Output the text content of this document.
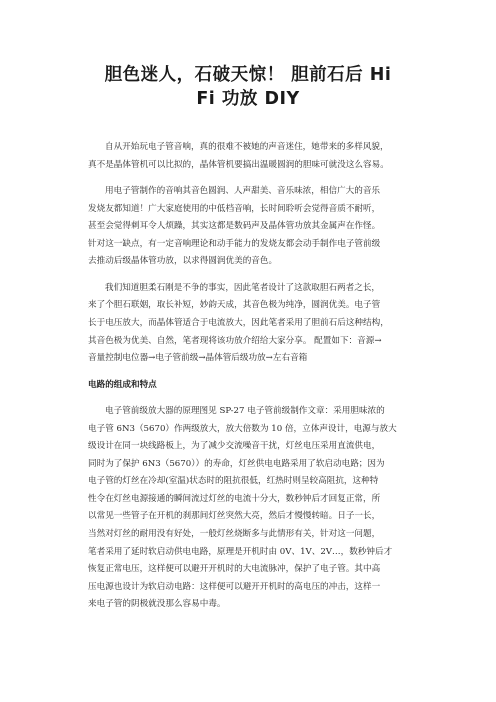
胆色迷人，石破天惊！ 胆前石后 Hi
Fi 功放 DIY

自从开始玩电子管音响，真的很难不被她的声音迷住，她带来的多样风貌，
真不是晶体管机可以比拟的，晶体管机要搞出温暖圆润的胆味可就没这么容易。

用电子管制作的音响其音色圆润、人声甜美、音乐味浓，相信广大的音乐
发烧友都知道！广大家庭使用的中低档音响，长时间聆听会觉得音质不耐听，
甚至会觉得刺耳令人烦躁，其实这都是数码声及晶体管功放其金属声在作怪。
针对这一缺点，有一定音响理论和动手能力的发烧友都会动手制作电子管前级
去推动后级晶体管功放，以求得圆润优美的音色。

我们知道胆柔石刚是不争的事实，因此笔者设计了这款取胆石两者之长，
来了个胆石联姻，取长补短，妙韵天成，其音色极为纯净，圆润优美。电子管
长于电压放大，而晶体管适合于电流放大，因此笔者采用了胆前石后这种结构，
其音色极为优美、自然，笔者现将该功放介绍给大家分享。 配置如下：音源→
音量控制电位器→电子管前级→晶体管后级功放→左右音箱

电路的组成和特点

电子管前级放大器的原理图见 SP-27 电子管前级制作文章：采用胆味浓的
电子管 6N3（5670）作两级放大，放大倍数为 10 倍，立体声设计，电源与放大
级设计在同一块线路板上，为了减少交流噪音干扰，灯丝电压采用直流供电，
同时为了保护 6N3（5670））的寿命，灯丝供电电路采用了软启动电路；因为
电子管的灯丝在冷却(室温)状态时的阻抗很低，红热时则呈较高阻抗，这种特
性令在灯丝电源接通的瞬间流过灯丝的电流十分大，数秒钟后才回复正常，所
以常见一些管子在开机的刹那间灯丝突然大亮，然后才慢慢转暗。日子一长，
当然对灯丝的耐用没有好处，一般灯丝烧断多与此情形有关，针对这一问题，
笔者采用了延时软启动供电电路，原理是开机时由 0V、1V、2V…，数秒钟后才
恢复正常电压，这样便可以避开开机时的大电流脉冲，保护了电子管。其中高
压电源也设计为软启动电路：这样便可以避开开机时的高电压的冲击，这样一
来电子管的阴极就没那么容易中毒。
